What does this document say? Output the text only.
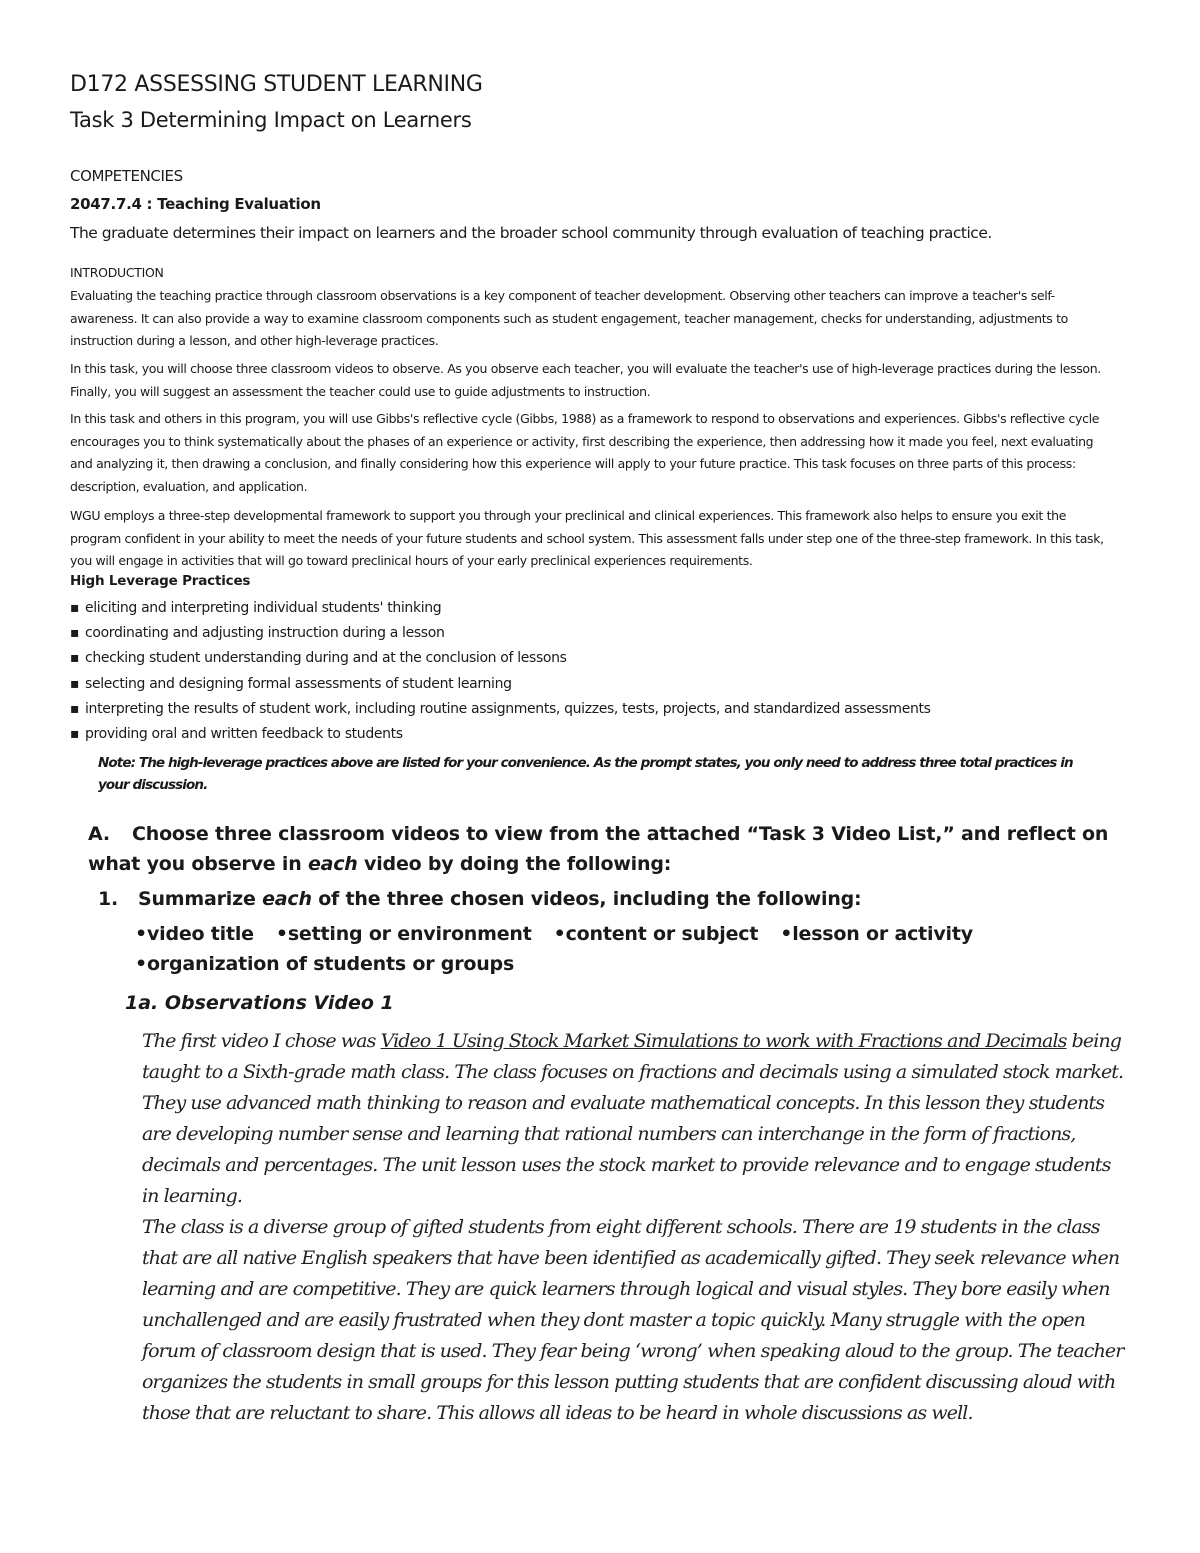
D172 ASSESSING STUDENT LEARNING
Task 3 Determining Impact on Learners
COMPETENCIES
2047.7.4 : Teaching Evaluation
The graduate determines their impact on learners and the broader school community through evaluation of teaching practice.
INTRODUCTION

Evaluating the teaching practice through classroom observations is a key component of teacher development. Observing other teachers can improve a teacher's self-awareness. It can also provide a way to examine classroom components such as student engagement, teacher management, checks for understanding, adjustments to instruction during a lesson, and other high-leverage practices.

In this task, you will choose three classroom videos to observe. As you observe each teacher, you will evaluate the teacher's use of high-leverage practices during the lesson. Finally, you will suggest an assessment the teacher could use to guide adjustments to instruction.

In this task and others in this program, you will use Gibbs's reflective cycle (Gibbs, 1988) as a framework to respond to observations and experiences. Gibbs's reflective cycle encourages you to think systematically about the phases of an experience or activity, first describing the experience, then addressing how it made you feel, next evaluating and analyzing it, then drawing a conclusion, and finally considering how this experience will apply to your future practice. This task focuses on three parts of this process: description, evaluation, and application.

WGU employs a three-step developmental framework to support you through your preclinical and clinical experiences. This framework also helps to ensure you exit the program confident in your ability to meet the needs of your future students and school system. This assessment falls under step one of the three-step framework. In this task, you will engage in activities that will go toward preclinical hours of your early preclinical experiences requirements.

High Leverage Practices
▪ eliciting and interpreting individual students' thinking
▪ coordinating and adjusting instruction during a lesson
▪ checking student understanding during and at the conclusion of lessons
▪ selecting and designing formal assessments of student learning
▪ interpreting the results of student work, including routine assignments, quizzes, tests, projects, and standardized assessments
▪ providing oral and written feedback to students

Note: The high-leverage practices above are listed for your convenience. As the prompt states, you only need to address three total practices in your discussion.

A. Choose three classroom videos to view from the attached “Task 3 Video List,” and reflect on what you observe in each video by doing the following:

1. Summarize each of the three chosen videos, including the following:
•video title •setting or environment •content or subject •lesson or activity•organization of students or groups
1a. Observations Video 1

The first video I chose was Video 1 Using Stock Market Simulations to work with Fractions and Decimals being taught to a Sixth-grade math class. The class focuses on fractions and decimals using a simulated stock market. They use advanced math thinking to reason and evaluate mathematical concepts. In this lesson they students are developing number sense and learning that rational numbers can interchange in the form of fractions, decimals and percentages. The unit lesson uses the stock market to provide relevance and to engage students in learning.

The class is a diverse group of gifted students from eight different schools. There are 19 students in the class that are all native English speakers that have been identified as academically gifted. They seek relevance when learning and are competitive. They are quick learners through logical and visual styles. They bore easily when unchallenged and are easily frustrated when they dont master a topic quickly. Many struggle with the open forum of classroom design that is used. They fear being ‘wrong’ when speaking aloud to the group. The teacher organizes the students in small groups for this lesson putting students that are confident discussing aloud with those that are reluctant to share. This allows all ideas to be heard in whole discussions as well.
